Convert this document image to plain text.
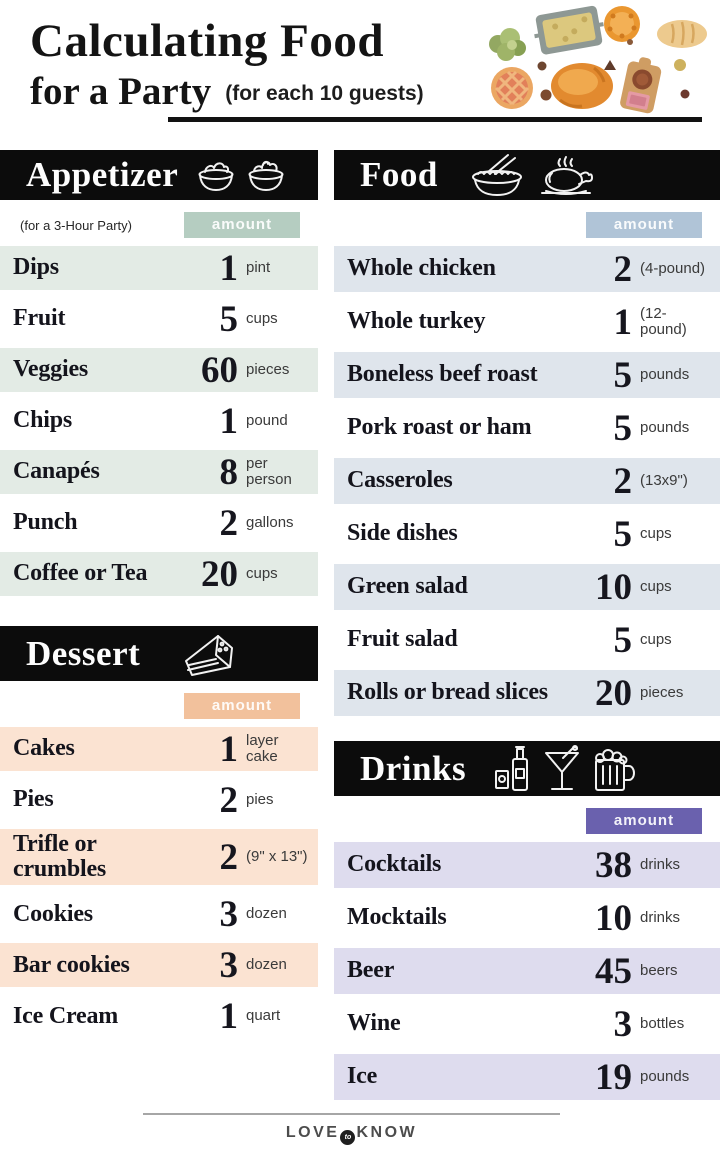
Calculating Food
for a Party (for each 10 guests)
Appetizer
(for a 3-Hour Party)	amount
Dips	1 pint
Fruit	5 cups
Veggies	60 pieces
Chips	1 pound
Canapés	8 per person
Punch	2 gallons
Coffee or Tea	20 cups
Dessert
amount
Cakes	1 layer cake
Pies	2 pies
Trifle or crumbles	2 (9" x 13")
Cookies	3 dozen
Bar cookies	3 dozen
Ice Cream	1 quart
Food
amount
Whole chicken	2 (4-pound)
Whole turkey	1 (12-pound)
Boneless beef roast	5 pounds
Pork roast or ham	5 pounds
Casseroles	2 (13x9")
Side dishes	5 cups
Green salad	10 cups
Fruit salad	5 cups
Rolls or bread slices	20 pieces
Drinks
amount
Cocktails	38 drinks
Mocktails	10 drinks
Beer	45 beers
Wine	3 bottles
Ice	19 pounds
LOVE to KNOW
